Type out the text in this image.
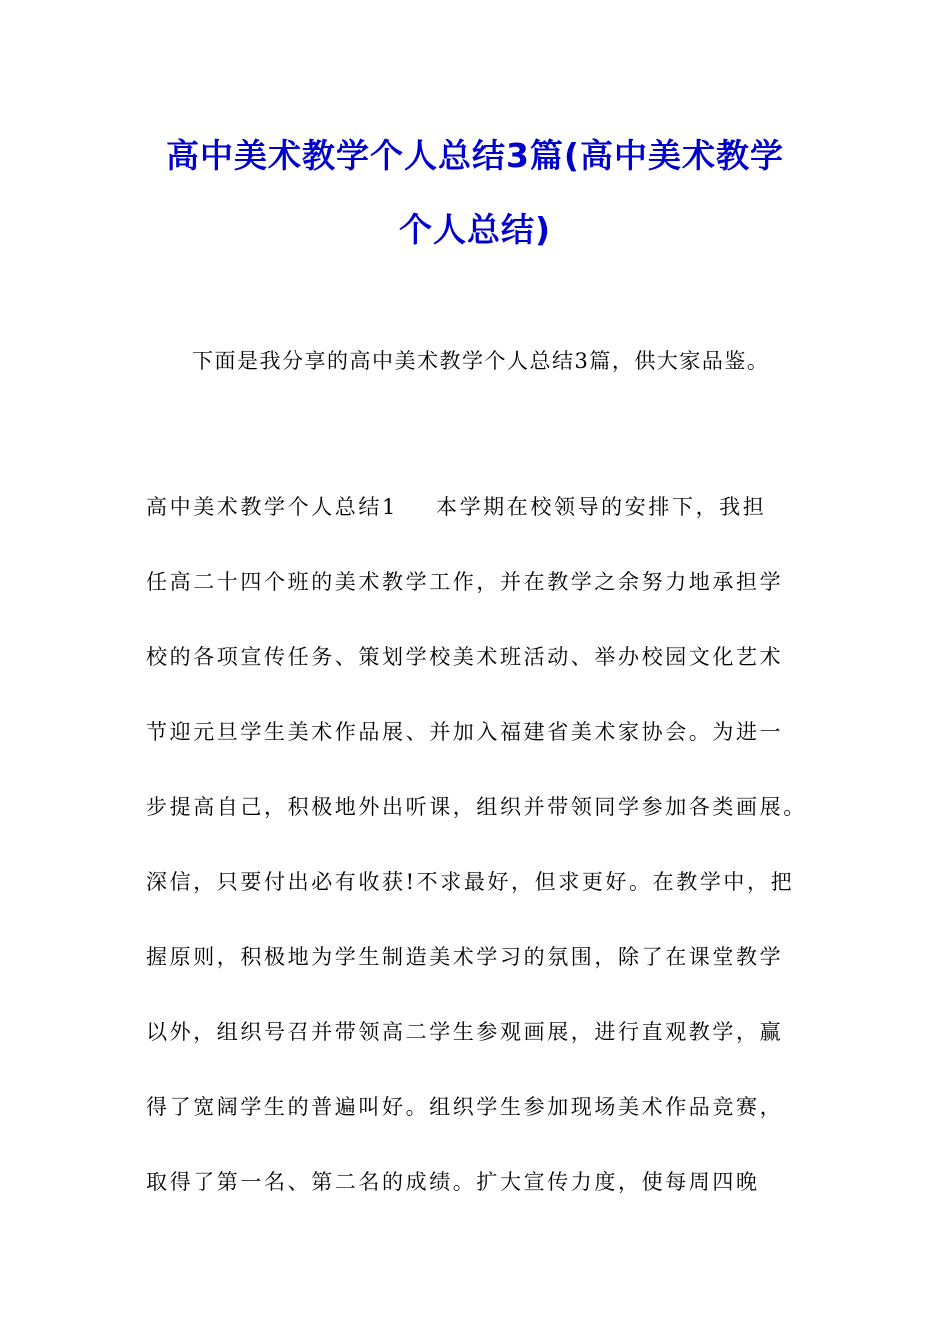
高中美术教学个人总结3篇(高中美术教学
个人总结)
下面是我分享的高中美术教学个人总结3篇，供大家品鉴。
高中美术教学个人总结1 本学期在校领导的安排下，我担
任高二十四个班的美术教学工作，并在教学之余努力地承担学
校的各项宣传任务、策划学校美术班活动、举办校园文化艺术
节迎元旦学生美术作品展、并加入福建省美术家协会。为进一
步提高自己，积极地外出听课，组织并带领同学参加各类画展。
深信，只要付出必有收获!不求最好，但求更好。在教学中，把
握原则，积极地为学生制造美术学习的氛围，除了在课堂教学
以外，组织号召并带领高二学生参观画展，进行直观教学，赢
得了宽阔学生的普遍叫好。组织学生参加现场美术作品竞赛，
取得了第一名、第二名的成绩。扩大宣传力度，使每周四晚
